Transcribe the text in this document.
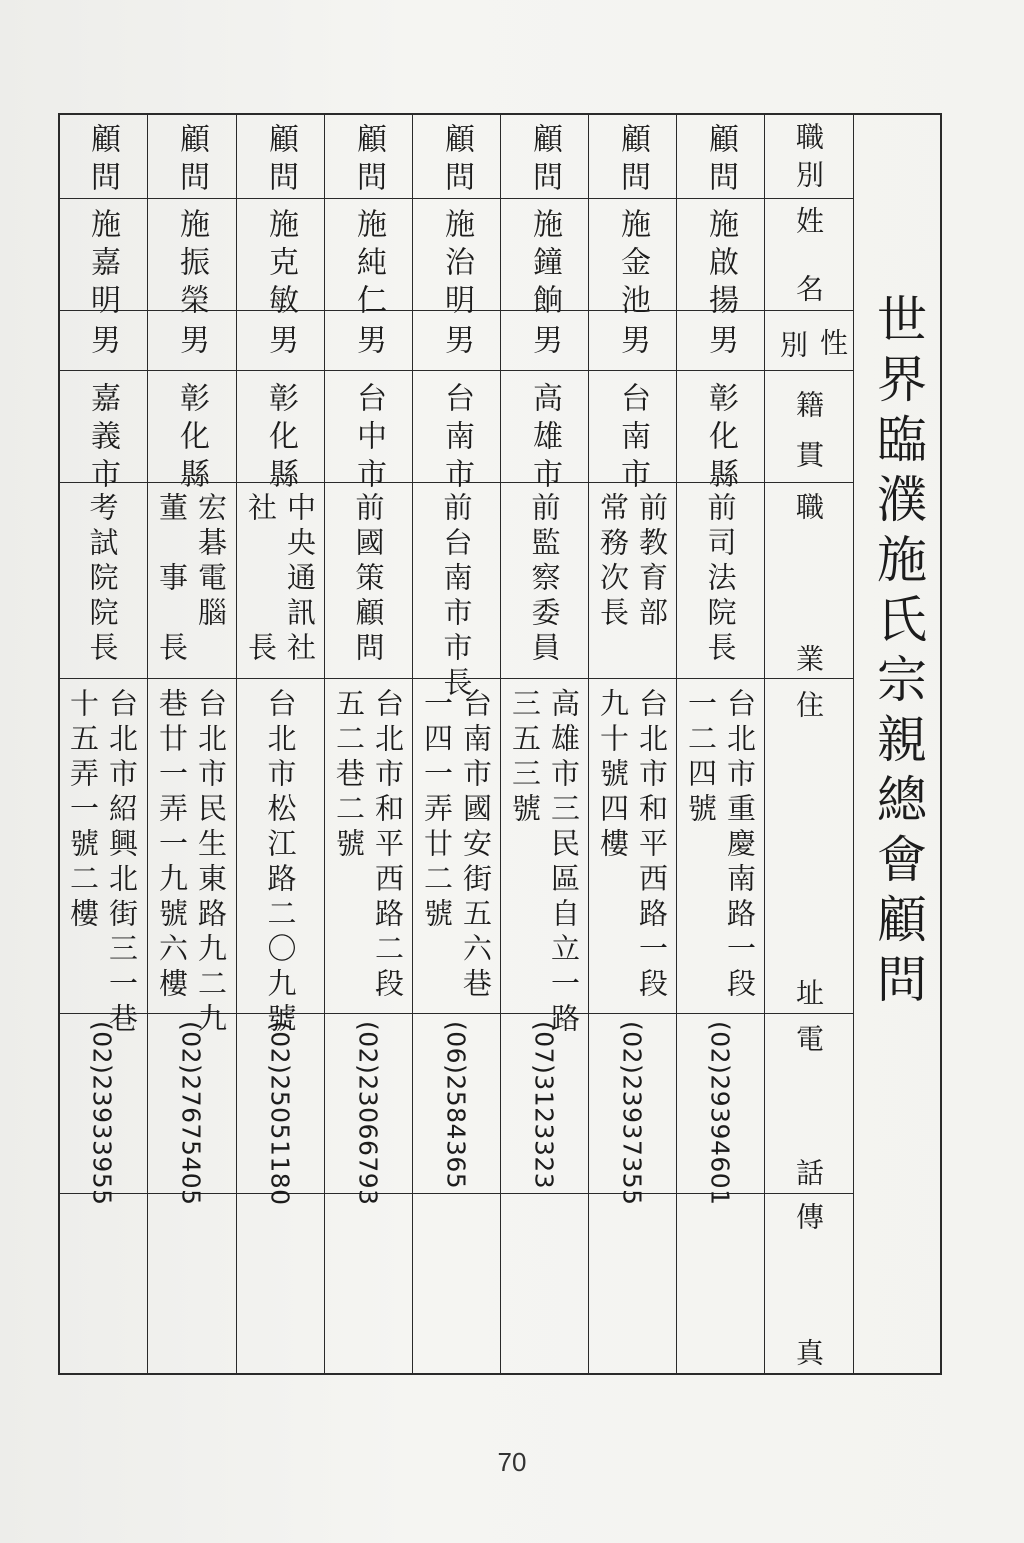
世界臨濮施氏宗親總會顧問
職別
姓
名
性
別
籍
貫
職
業
住
址
電
話
傳
真
顧問
施啟揚
男
彰化縣
前司法院長
台北市重慶南路一段
一二四號
(02)29394601
顧問
施金池
男
台南市
前教育部
常務次長
台北市和平西路一段
九十號四樓
(02)23937355
顧問
施鐘餉
男
高雄市
前監察委員
高雄市三民區自立一路
三五三號
(07)3123323
顧問
施治明
男
台南市
前台南市市長
台南市國安街五六巷
一四一弄廿二號
(06)2584365
顧問
施純仁
男
台中市
前國策顧問
台北市和平西路二段
五二巷二號
(02)23066793
顧問
施克敏
男
彰化縣
中央通訊社
社　　　長
台北市松江路二〇九號
(02)25051180
顧問
施振榮
男
彰化縣
宏碁電腦
董　事　長
台北市民生東路九二九
巷廿一弄一九號六樓
(02)27675405
顧問
施嘉明
男
嘉義市
考試院院長
台北市紹興北街三一巷
十五弄一號二樓
(02)23933955
70
